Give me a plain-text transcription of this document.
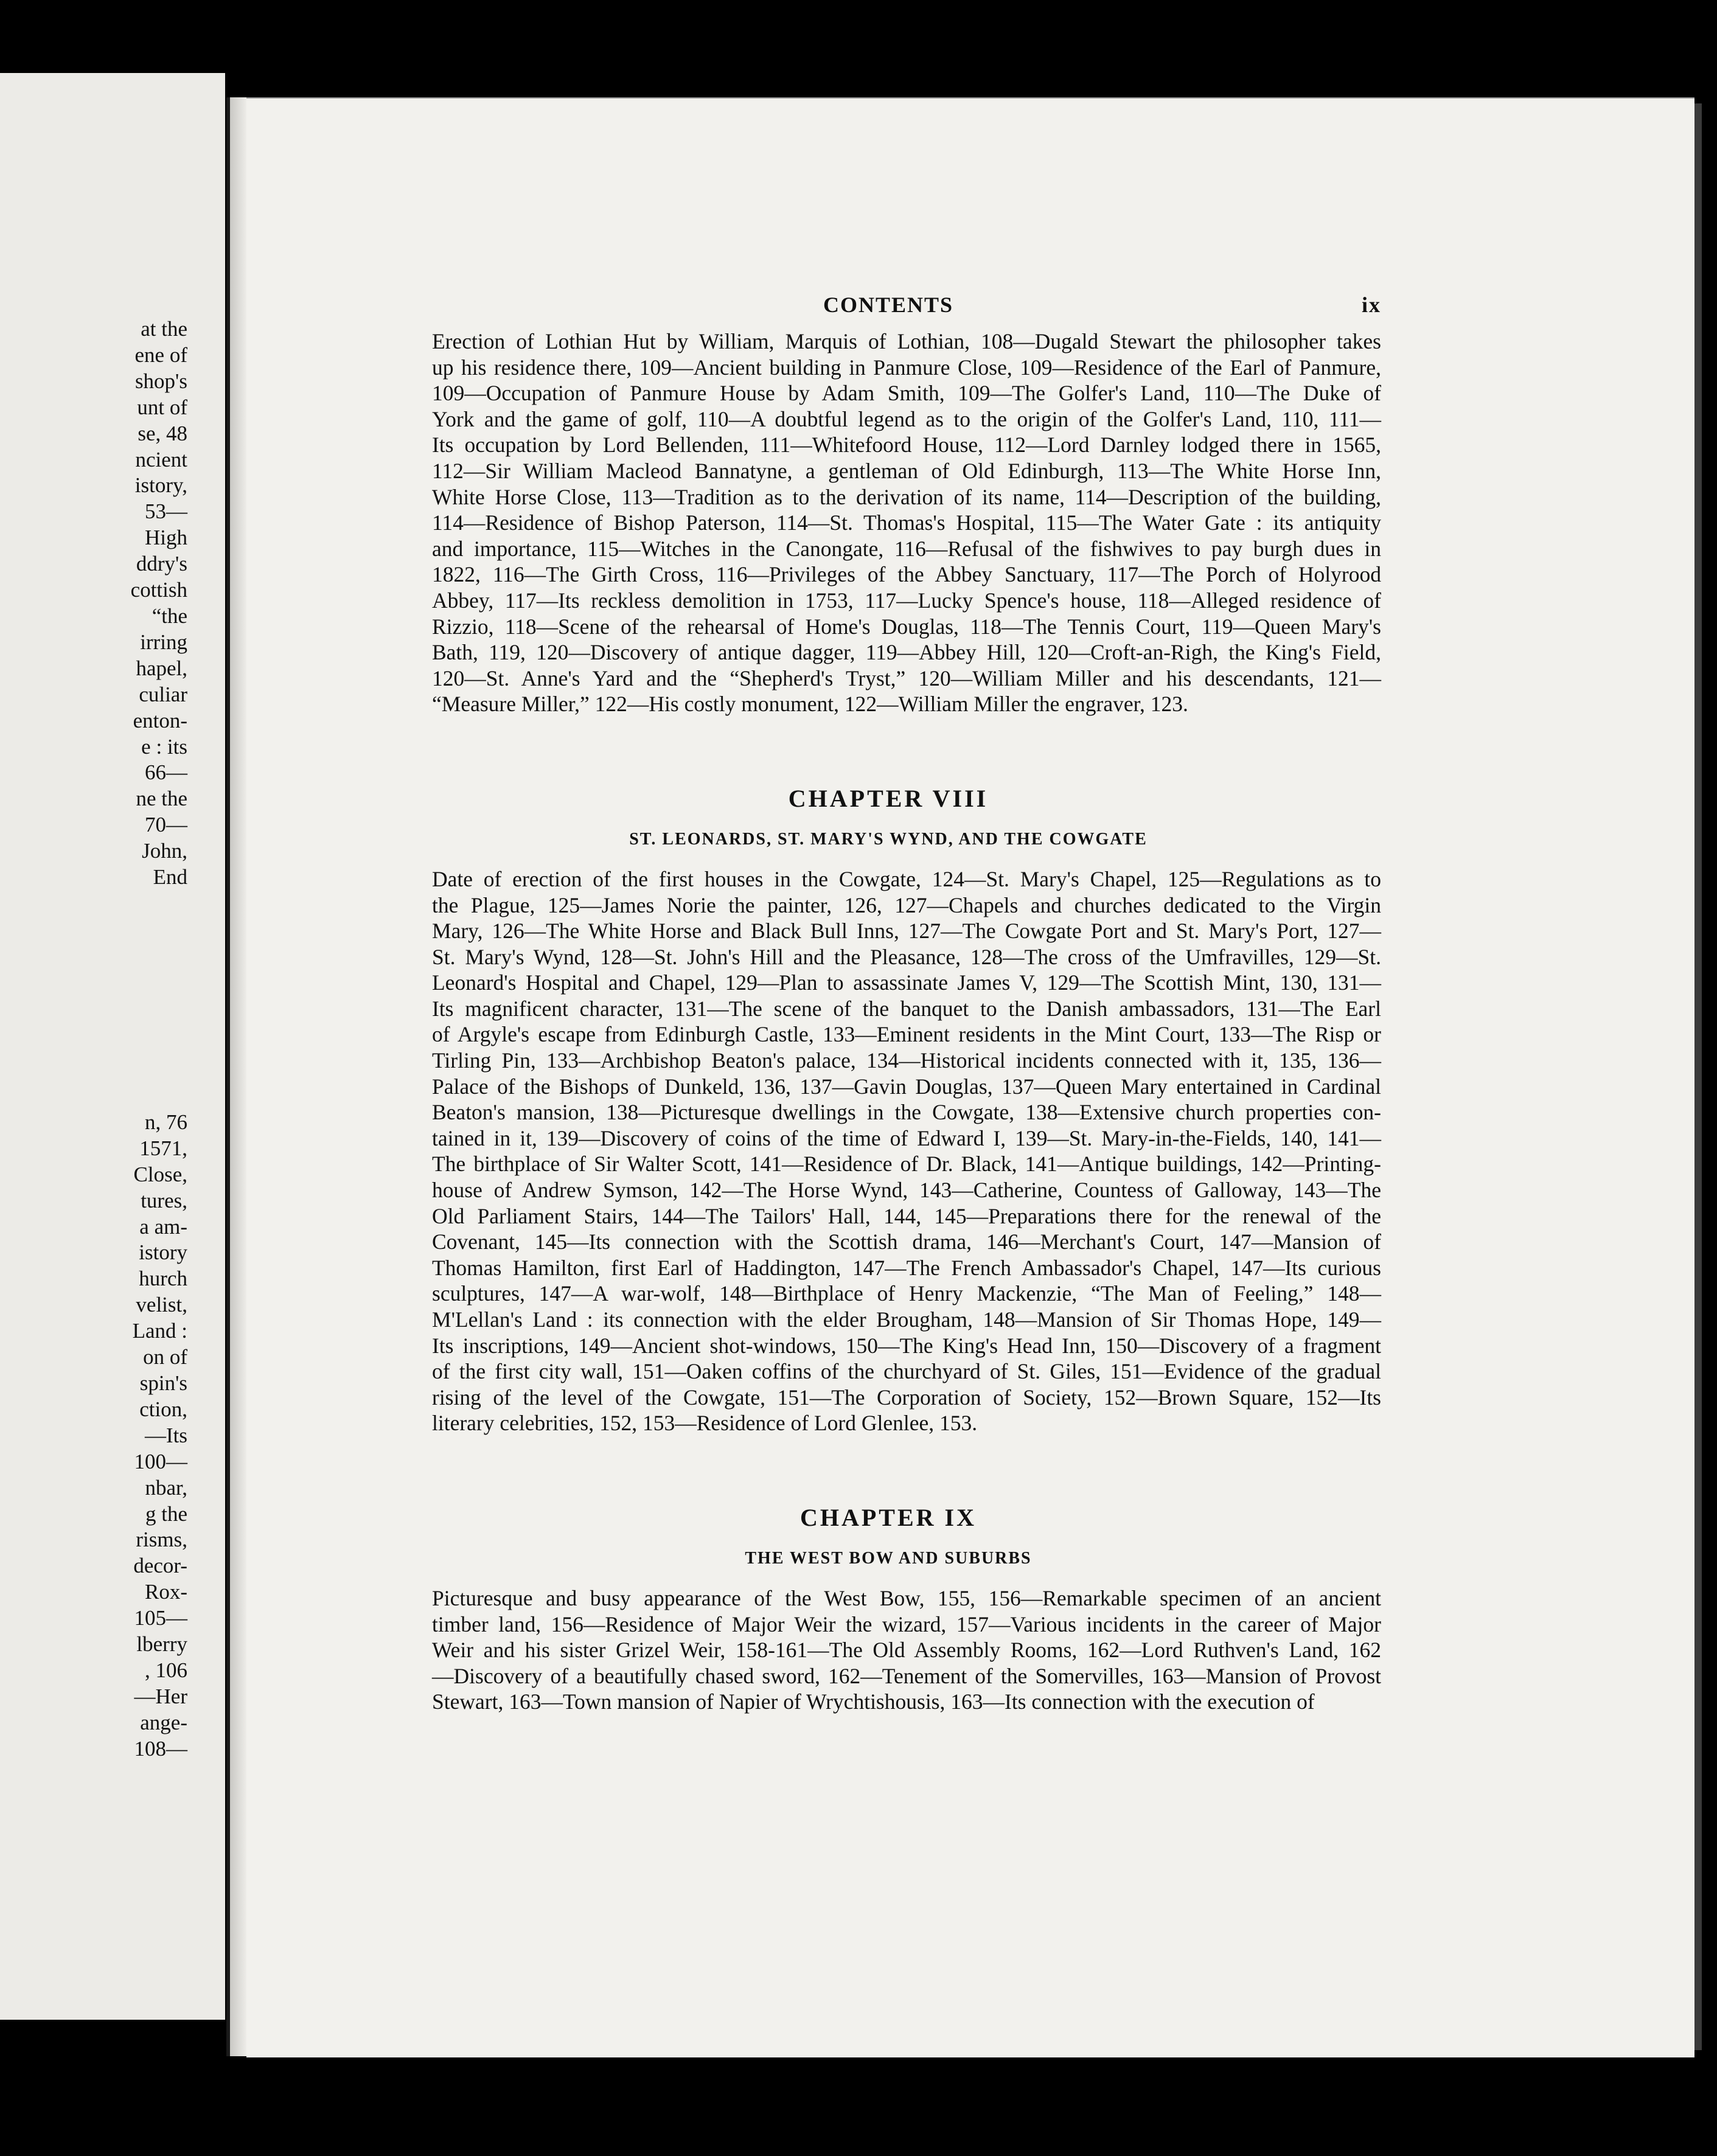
at the
ene of
shop's
unt of
se, 48
ncient
istory,
53—
High
ddry's
cottish
“the
irring
hapel,
culiar
enton-
e : its
66—
ne the
70—
John,
End
n, 76
1571,
Close,
tures,
a am-
istory
hurch
velist,
Land :
on of
spin's
ction,
—Its
100—
nbar,
g the
risms,
decor-
Rox-
105—
lberry
, 106
—Her
ange-
108—
CONTENTS	ix
Erection of Lothian Hut by William, Marquis of Lothian, 108—Dugald Stewart the philosopher takes
up his residence there, 109—Ancient building in Panmure Close, 109—Residence of the Earl of Panmure,
109—Occupation of Panmure House by Adam Smith, 109—The Golfer's Land, 110—The Duke of
York and the game of golf, 110—A doubtful legend as to the origin of the Golfer's Land, 110, 111—
Its occupation by Lord Bellenden, 111—Whitefoord House, 112—Lord Darnley lodged there in 1565,
112—Sir William Macleod Bannatyne, a gentleman of Old Edinburgh, 113—The White Horse Inn,
White Horse Close, 113—Tradition as to the derivation of its name, 114—Description of the building,
114—Residence of Bishop Paterson, 114—St. Thomas's Hospital, 115—The Water Gate : its antiquity
and importance, 115—Witches in the Canongate, 116—Refusal of the fishwives to pay burgh dues in
1822, 116—The Girth Cross, 116—Privileges of the Abbey Sanctuary, 117—The Porch of Holyrood
Abbey, 117—Its reckless demolition in 1753, 117—Lucky Spence's house, 118—Alleged residence of
Rizzio, 118—Scene of the rehearsal of Home's Douglas, 118—The Tennis Court, 119—Queen Mary's
Bath, 119, 120—Discovery of antique dagger, 119—Abbey Hill, 120—Croft-an-Righ, the King's Field,
120—St. Anne's Yard and the “Shepherd's Tryst,” 120—William Miller and his descendants, 121—
“Measure Miller,” 122—His costly monument, 122—William Miller the engraver, 123.
CHAPTER VIII
ST. LEONARDS, ST. MARY'S WYND, AND THE COWGATE
Date of erection of the first houses in the Cowgate, 124—St. Mary's Chapel, 125—Regulations as to
the Plague, 125—James Norie the painter, 126, 127—Chapels and churches dedicated to the Virgin
Mary, 126—The White Horse and Black Bull Inns, 127—The Cowgate Port and St. Mary's Port, 127—
St. Mary's Wynd, 128—St. John's Hill and the Pleasance, 128—The cross of the Umfravilles, 129—St.
Leonard's Hospital and Chapel, 129—Plan to assassinate James V, 129—The Scottish Mint, 130, 131—
Its magnificent character, 131—The scene of the banquet to the Danish ambassadors, 131—The Earl
of Argyle's escape from Edinburgh Castle, 133—Eminent residents in the Mint Court, 133—The Risp or
Tirling Pin, 133—Archbishop Beaton's palace, 134—Historical incidents connected with it, 135, 136—
Palace of the Bishops of Dunkeld, 136, 137—Gavin Douglas, 137—Queen Mary entertained in Cardinal
Beaton's mansion, 138—Picturesque dwellings in the Cowgate, 138—Extensive church properties con-
tained in it, 139—Discovery of coins of the time of Edward I, 139—St. Mary-in-the-Fields, 140, 141—
The birthplace of Sir Walter Scott, 141—Residence of Dr. Black, 141—Antique buildings, 142—Printing-
house of Andrew Symson, 142—The Horse Wynd, 143—Catherine, Countess of Galloway, 143—The
Old Parliament Stairs, 144—The Tailors' Hall, 144, 145—Preparations there for the renewal of the
Covenant, 145—Its connection with the Scottish drama, 146—Merchant's Court, 147—Mansion of
Thomas Hamilton, first Earl of Haddington, 147—The French Ambassador's Chapel, 147—Its curious
sculptures, 147—A war-wolf, 148—Birthplace of Henry Mackenzie, “The Man of Feeling,” 148—
M'Lellan's Land : its connection with the elder Brougham, 148—Mansion of Sir Thomas Hope, 149—
Its inscriptions, 149—Ancient shot-windows, 150—The King's Head Inn, 150—Discovery of a fragment
of the first city wall, 151—Oaken coffins of the churchyard of St. Giles, 151—Evidence of the gradual
rising of the level of the Cowgate, 151—The Corporation of Society, 152—Brown Square, 152—Its
literary celebrities, 152, 153—Residence of Lord Glenlee, 153.
CHAPTER IX
THE WEST BOW AND SUBURBS
Picturesque and busy appearance of the West Bow, 155, 156—Remarkable specimen of an ancient
timber land, 156—Residence of Major Weir the wizard, 157—Various incidents in the career of Major
Weir and his sister Grizel Weir, 158-161—The Old Assembly Rooms, 162—Lord Ruthven's Land, 162
—Discovery of a beautifully chased sword, 162—Tenement of the Somervilles, 163—Mansion of Provost
Stewart, 163—Town mansion of Napier of Wrychtishousis, 163—Its connection with the execution of
